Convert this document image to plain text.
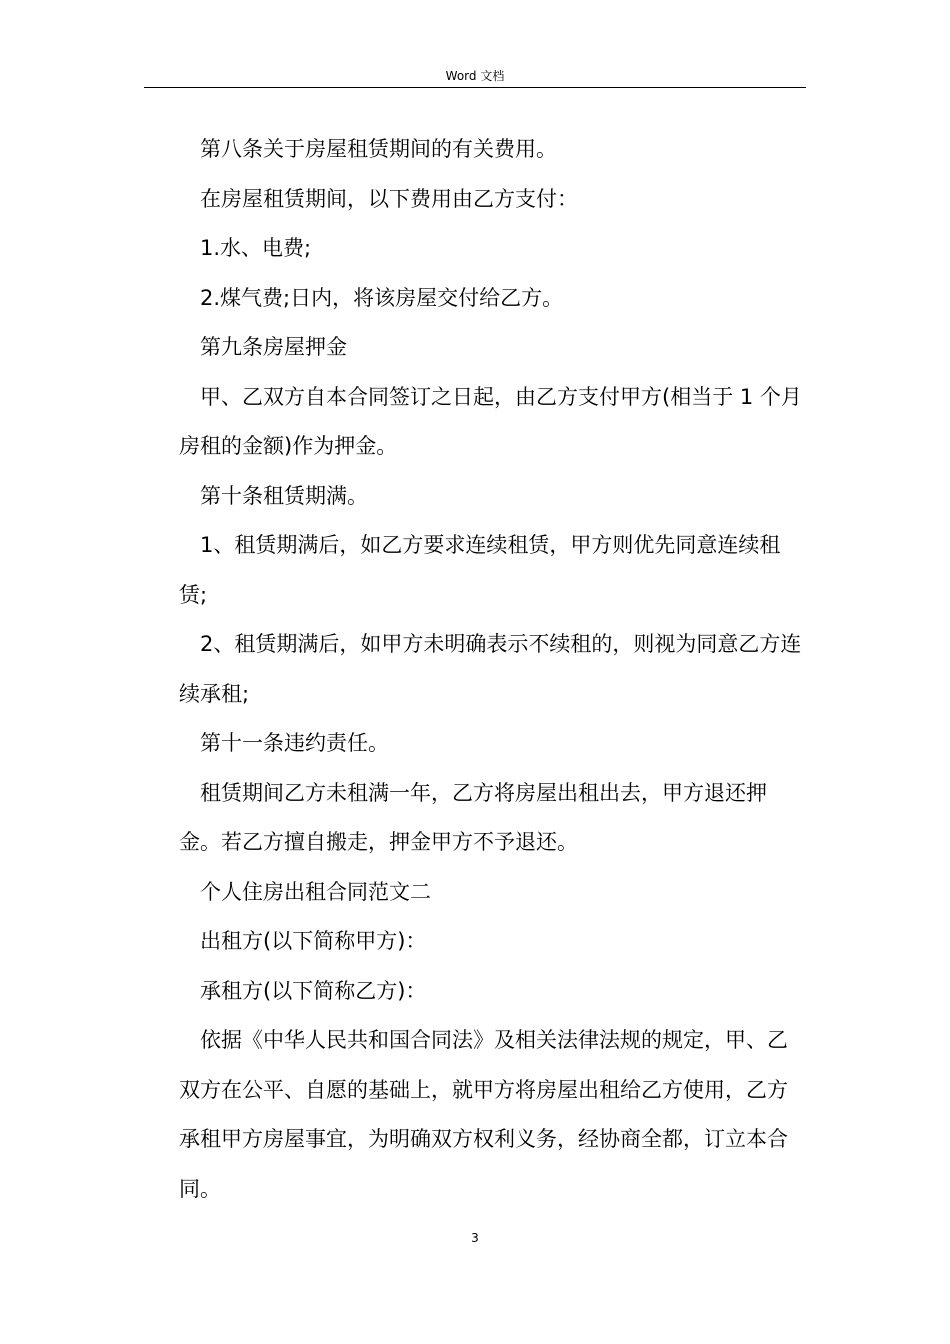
Word 文档

第八条关于房屋租赁期间的有关费用。

在房屋租赁期间，以下费用由乙方支付：

1.水、电费;

2.煤气费;日内，将该房屋交付给乙方。

第九条房屋押金

甲、乙双方自本合同签订之日起，由乙方支付甲方(相当于 1 个月房租的金额)作为押金。

第十条租赁期满。

1、租赁期满后，如乙方要求连续租赁，甲方则优先同意连续租赁;

2、租赁期满后，如甲方未明确表示不续租的，则视为同意乙方连续承租;

第十一条违约责任。

租赁期间乙方未租满一年，乙方将房屋出租出去，甲方退还押金。若乙方擅自搬走，押金甲方不予退还。

个人住房出租合同范文二

出租方(以下简称甲方)：

承租方(以下简称乙方)：

依据《中华人民共和国合同法》及相关法律法规的规定，甲、乙双方在公平、自愿的基础上，就甲方将房屋出租给乙方使用，乙方承租甲方房屋事宜，为明确双方权利义务，经协商全都，订立本合同。

3
